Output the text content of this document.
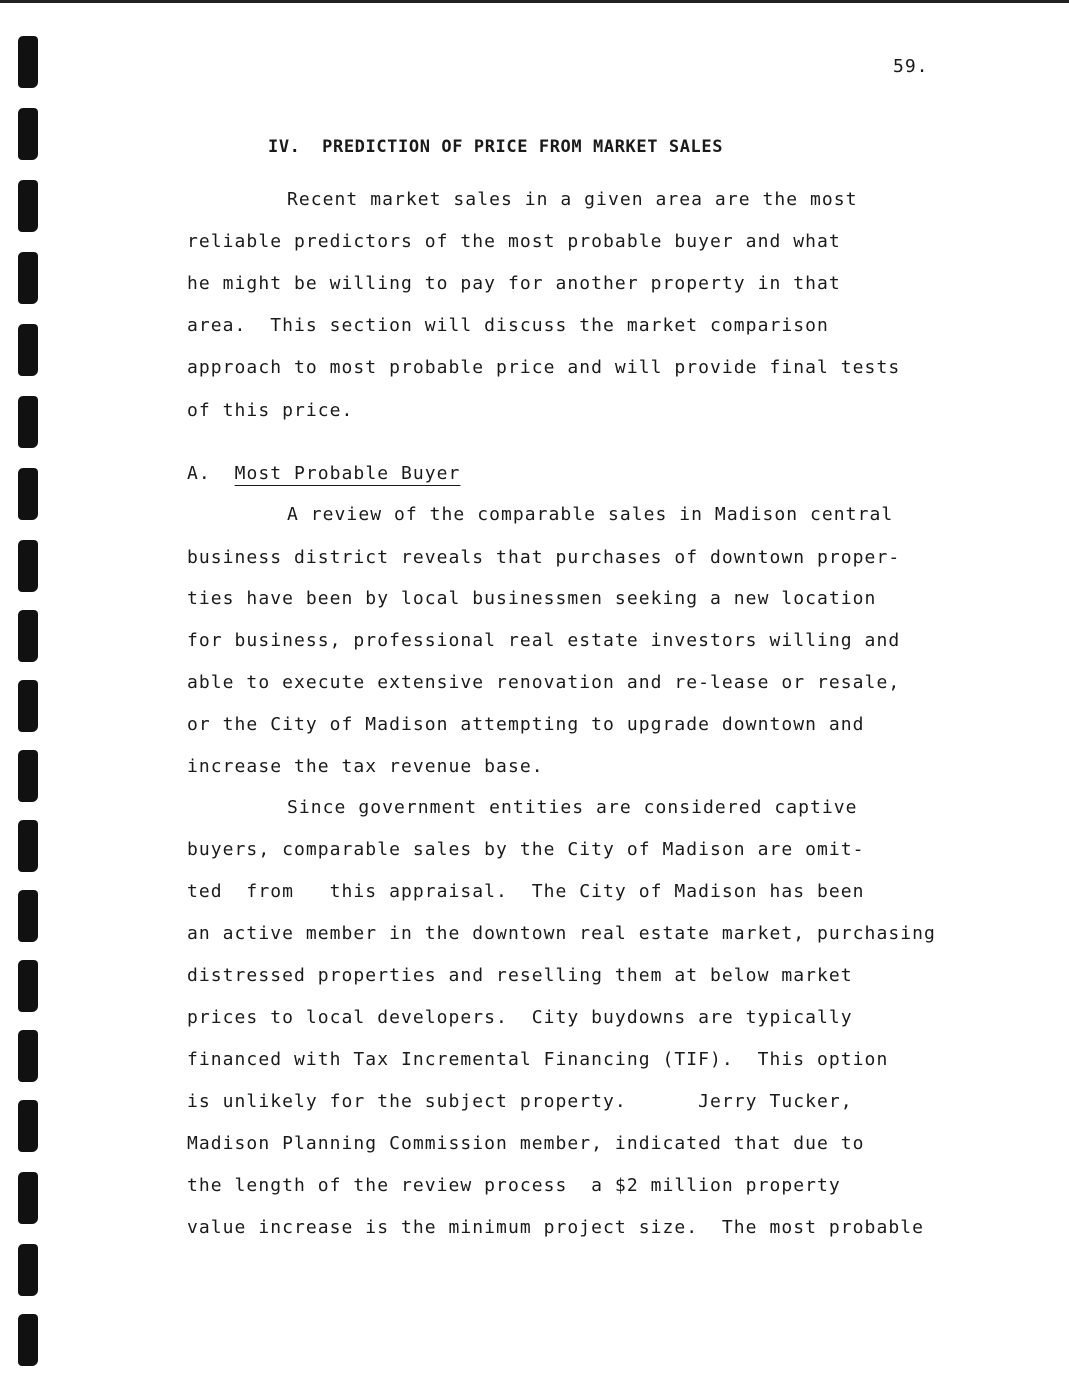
59.
IV.  PREDICTION OF PRICE FROM MARKET SALES
Recent market sales in a given area are the most
reliable predictors of the most probable buyer and what
he might be willing to pay for another property in that
area.  This section will discuss the market comparison
approach to most probable price and will provide final tests
of this price.
A. Most Probable Buyer
A review of the comparable sales in Madison central
business district reveals that purchases of downtown proper-
ties have been by local businessmen seeking a new location
for business, professional real estate investors willing and
able to execute extensive renovation and re-lease or resale,
or the City of Madison attempting to upgrade downtown and
increase the tax revenue base.
Since government entities are considered captive
buyers, comparable sales by the City of Madison are omit-
ted  from   this appraisal.  The City of Madison has been
an active member in the downtown real estate market, purchasing
distressed properties and reselling them at below market
prices to local developers.  City buydowns are typically
financed with Tax Incremental Financing (TIF).  This option
is unlikely for the subject property.      Jerry Tucker,
Madison Planning Commission member, indicated that due to
the length of the review process  a $2 million property
value increase is the minimum project size.  The most probable
